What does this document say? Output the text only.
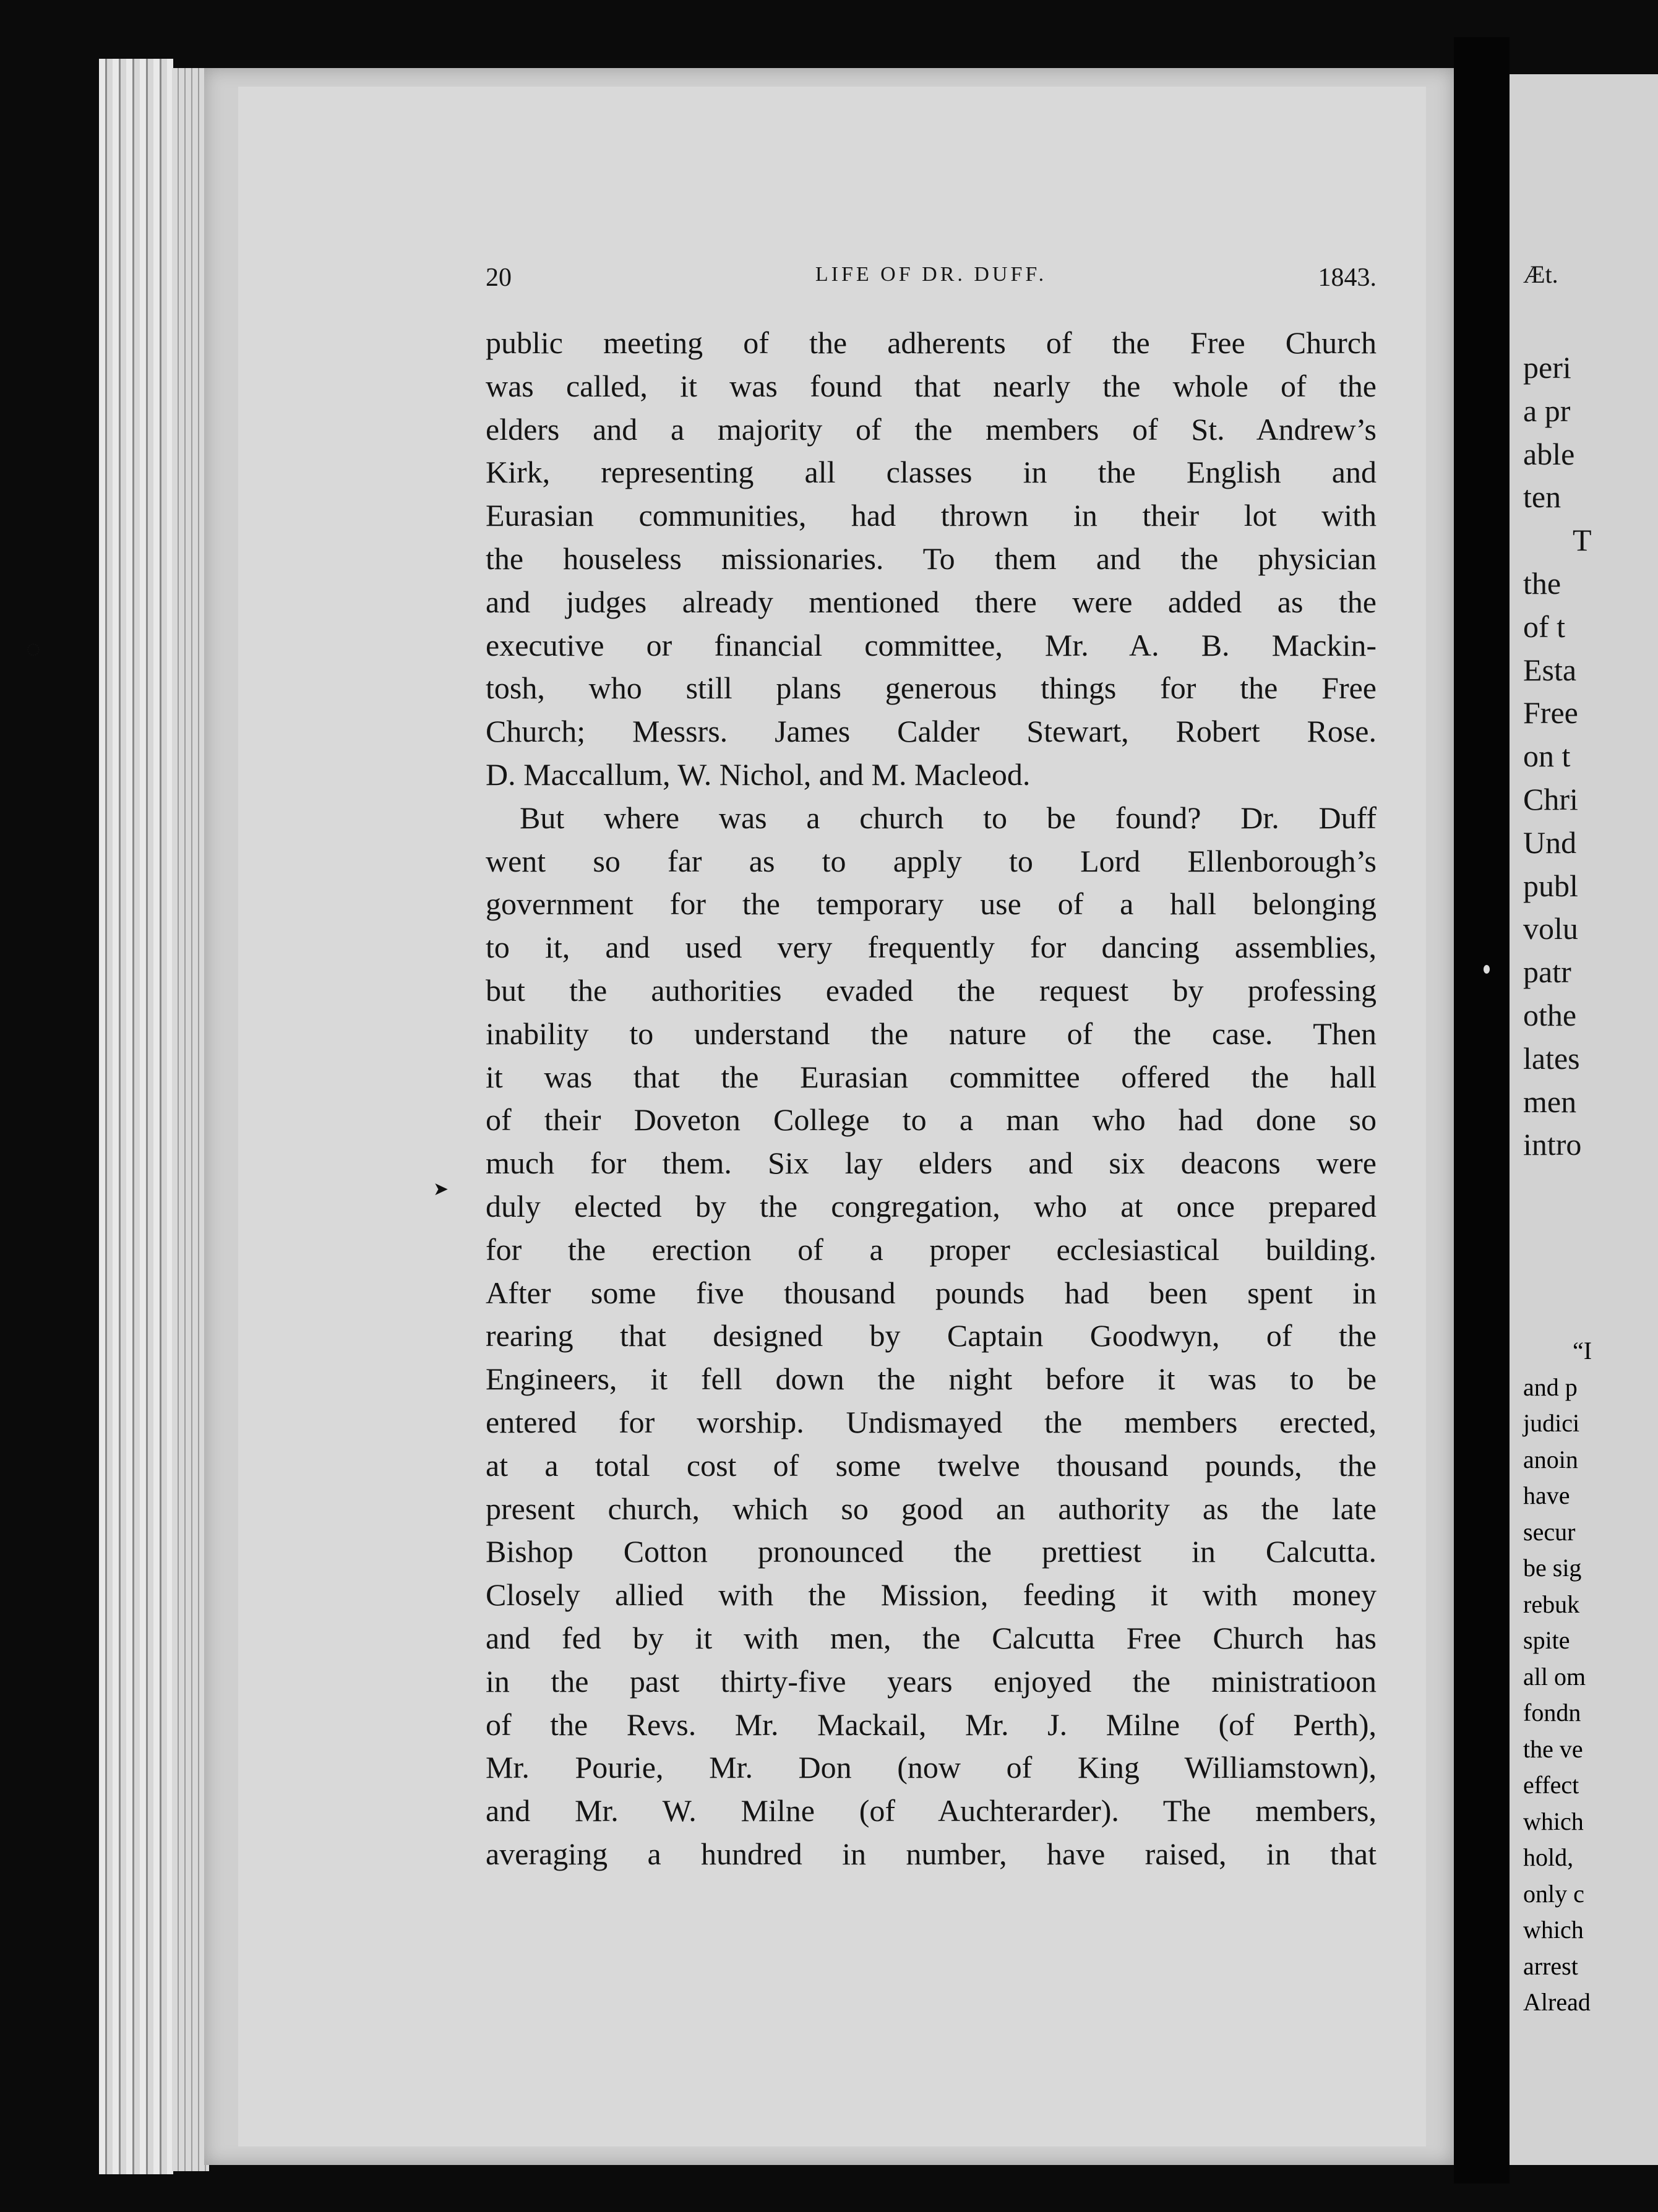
Æt.
peri
a pr
able
ten
T
the
of t
Esta
Free
on t
Chri
Und
publ
volu
patr
othe
lates
men
intro
“I
and p
judici
anoin
have
secur
be sig
rebuk
spite
all om
fondn
the ve
effect
which
hold,
only c
which
arrest
Alread
20	LIFE OF DR. DUFF.	1843.
public meeting of the adherents of the Free Church
was called, it was found that nearly the whole of the
elders and a majority of the members of St. Andrew’s
Kirk, representing all classes in the English and
Eurasian communities, had thrown in their lot with
the houseless missionaries. To them and the physician
and judges already mentioned there were added as the
executive or financial committee, Mr. A. B. Mackin-
tosh, who still plans generous things for the Free
Church; Messrs. James Calder Stewart, Robert Rose.
D. Maccallum, W. Nichol, and M. Macleod.
But where was a church to be found? Dr. Duff
went so far as to apply to Lord Ellenborough’s
government for the temporary use of a hall belonging
to it, and used very frequently for dancing assemblies,
but the authorities evaded the request by professing
inability to understand the nature of the case. Then
it was that the Eurasian committee offered the hall
of their Doveton College to a man who had done so
much for them. Six lay elders and six deacons were
duly elected by the congregation, who at once prepared
for the erection of a proper ecclesiastical building.
After some five thousand pounds had been spent in
rearing that designed by Captain Goodwyn, of the
Engineers, it fell down the night before it was to be
entered for worship. Undismayed the members erected,
at a total cost of some twelve thousand pounds, the
present church, which so good an authority as the late
Bishop Cotton pronounced the prettiest in Calcutta.
Closely allied with the Mission, feeding it with money
and fed by it with men, the Calcutta Free Church has
in the past thirty-five years enjoyed the ministratioon
of the Revs. Mr. Mackail, Mr. J. Milne (of Perth),
Mr. Pourie, Mr. Don (now of King Williamstown),
and Mr. W. Milne (of Auchterarder). The members,
averaging a hundred in number, have raised, in that
◌
➤
